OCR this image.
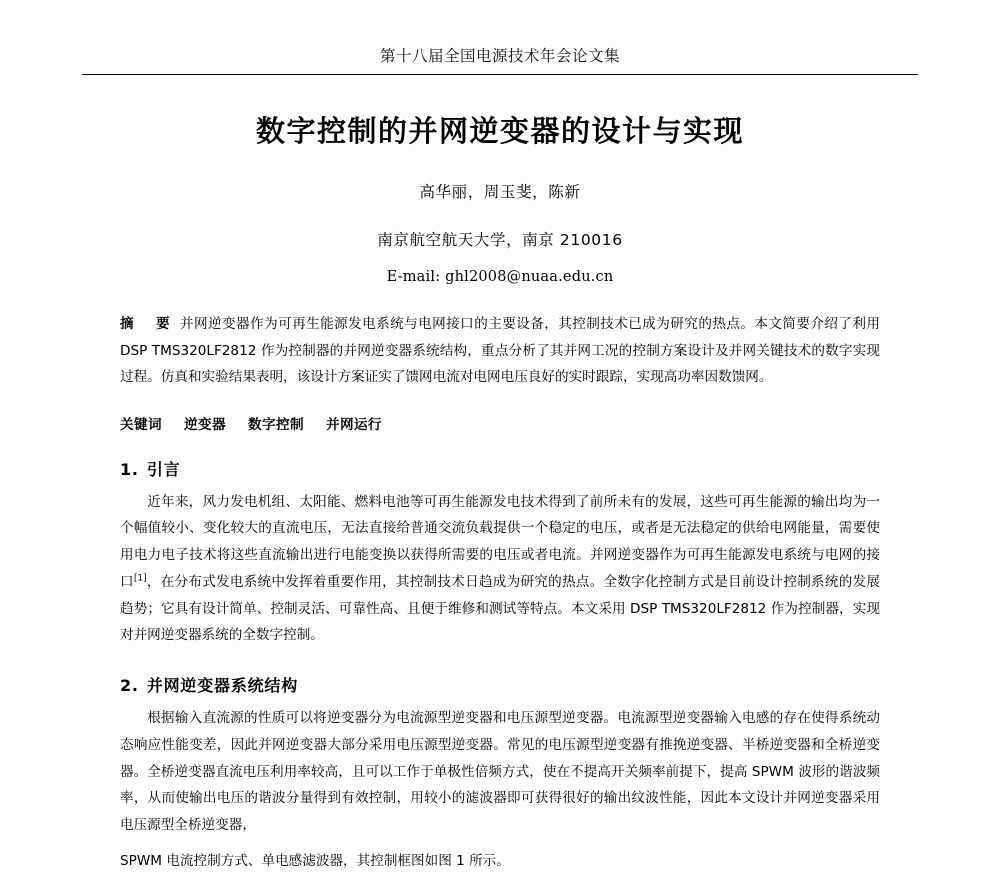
第十八届全国电源技术年会论文集
数字控制的并网逆变器的设计与实现
高华丽，周玉斐，陈新
南京航空航天大学，南京 210016
E-mail: ghl2008@nuaa.edu.cn
摘　要 并网逆变器作为可再生能源发电系统与电网接口的主要设备，其控制技术已成为研究的热点。本文简要介绍了利用 DSP TMS320LF2812 作为控制器的并网逆变器系统结构，重点分析了其并网工况的控制方案设计及并网关键技术的数字实现过程。仿真和实验结果表明，该设计方案证实了馈网电流对电网电压良好的实时跟踪，实现高功率因数馈网。
关键词 逆变器 数字控制 并网运行
1. 引言
近年来，风力发电机组、太阳能、燃料电池等可再生能源发电技术得到了前所未有的发展，这些可再生能源的输出均为一个幅值较小、变化较大的直流电压，无法直接给普通交流负载提供一个稳定的电压，或者是无法稳定的供给电网能量，需要使用电力电子技术将这些直流输出进行电能变换以获得所需要的电压或者电流。并网逆变器作为可再生能源发电系统与电网的接口[1]，在分布式发电系统中发挥着重要作用，其控制技术日趋成为研究的热点。全数字化控制方式是目前设计控制系统的发展趋势；它具有设计简单、控制灵活、可靠性高、且便于维修和测试等特点。本文采用 DSP TMS320LF2812 作为控制器，实现对并网逆变器系统的全数字控制。
2. 并网逆变器系统结构
根据输入直流源的性质可以将逆变器分为电流源型逆变器和电压源型逆变器。电流源型逆变器输入电感的存在使得系统动态响应性能变差，因此并网逆变器大部分采用电压源型逆变器。常见的电压源型逆变器有推挽逆变器、半桥逆变器和全桥逆变器。全桥逆变器直流电压利用率较高，且可以工作于单极性倍频方式，使在不提高开关频率前提下，提高 SPWM 波形的谐波频率，从而使输出电压的谐波分量得到有效控制，用较小的滤波器即可获得很好的输出纹波性能，因此本文设计并网逆变器采用电压源型全桥逆变器，
SPWM 电流控制方式、单电感滤波器，其控制框图如图 1 所示。
